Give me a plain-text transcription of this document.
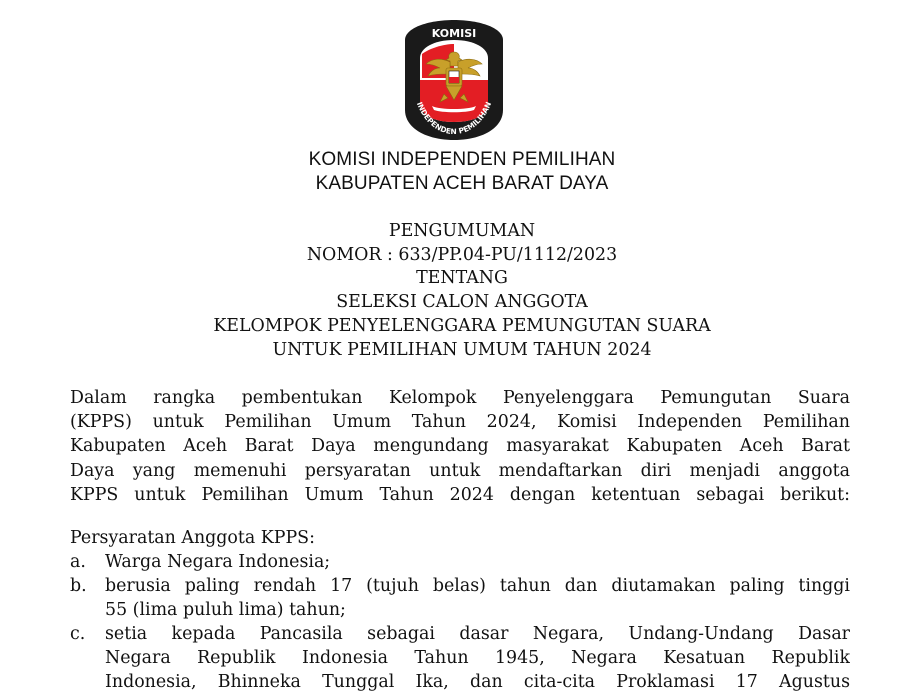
KOMISI
INDEPENDEN PEMILIHAN
KOMISI INDEPENDEN PEMILIHAN
KABUPATEN ACEH BARAT DAYA
PENGUMUMAN
NOMOR : 633/PP.04-PU/1112/2023
TENTANG
SELEKSI CALON ANGGOTA
KELOMPOK PENYELENGGARA PEMUNGUTAN SUARA
UNTUK PEMILIHAN UMUM TAHUN 2024
Dalam rangka pembentukan Kelompok Penyelenggara Pemungutan Suara
(KPPS) untuk Pemilihan Umum Tahun 2024, Komisi Independen Pemilihan
Kabupaten Aceh Barat Daya mengundang masyarakat Kabupaten Aceh Barat
Daya yang memenuhi persyaratan untuk mendaftarkan diri menjadi anggota
KPPS untuk Pemilihan Umum Tahun 2024 dengan ketentuan sebagai berikut:
Persyaratan Anggota KPPS:
a. Warga Negara Indonesia;
b. berusia paling rendah 17 (tujuh belas) tahun dan diutamakan paling tinggi
55 (lima puluh lima) tahun;
c. setia kepada Pancasila sebagai dasar Negara, Undang-Undang Dasar
Negara Republik Indonesia Tahun 1945, Negara Kesatuan Republik
Indonesia, Bhinneka Tunggal Ika, dan cita-cita Proklamasi 17 Agustus
